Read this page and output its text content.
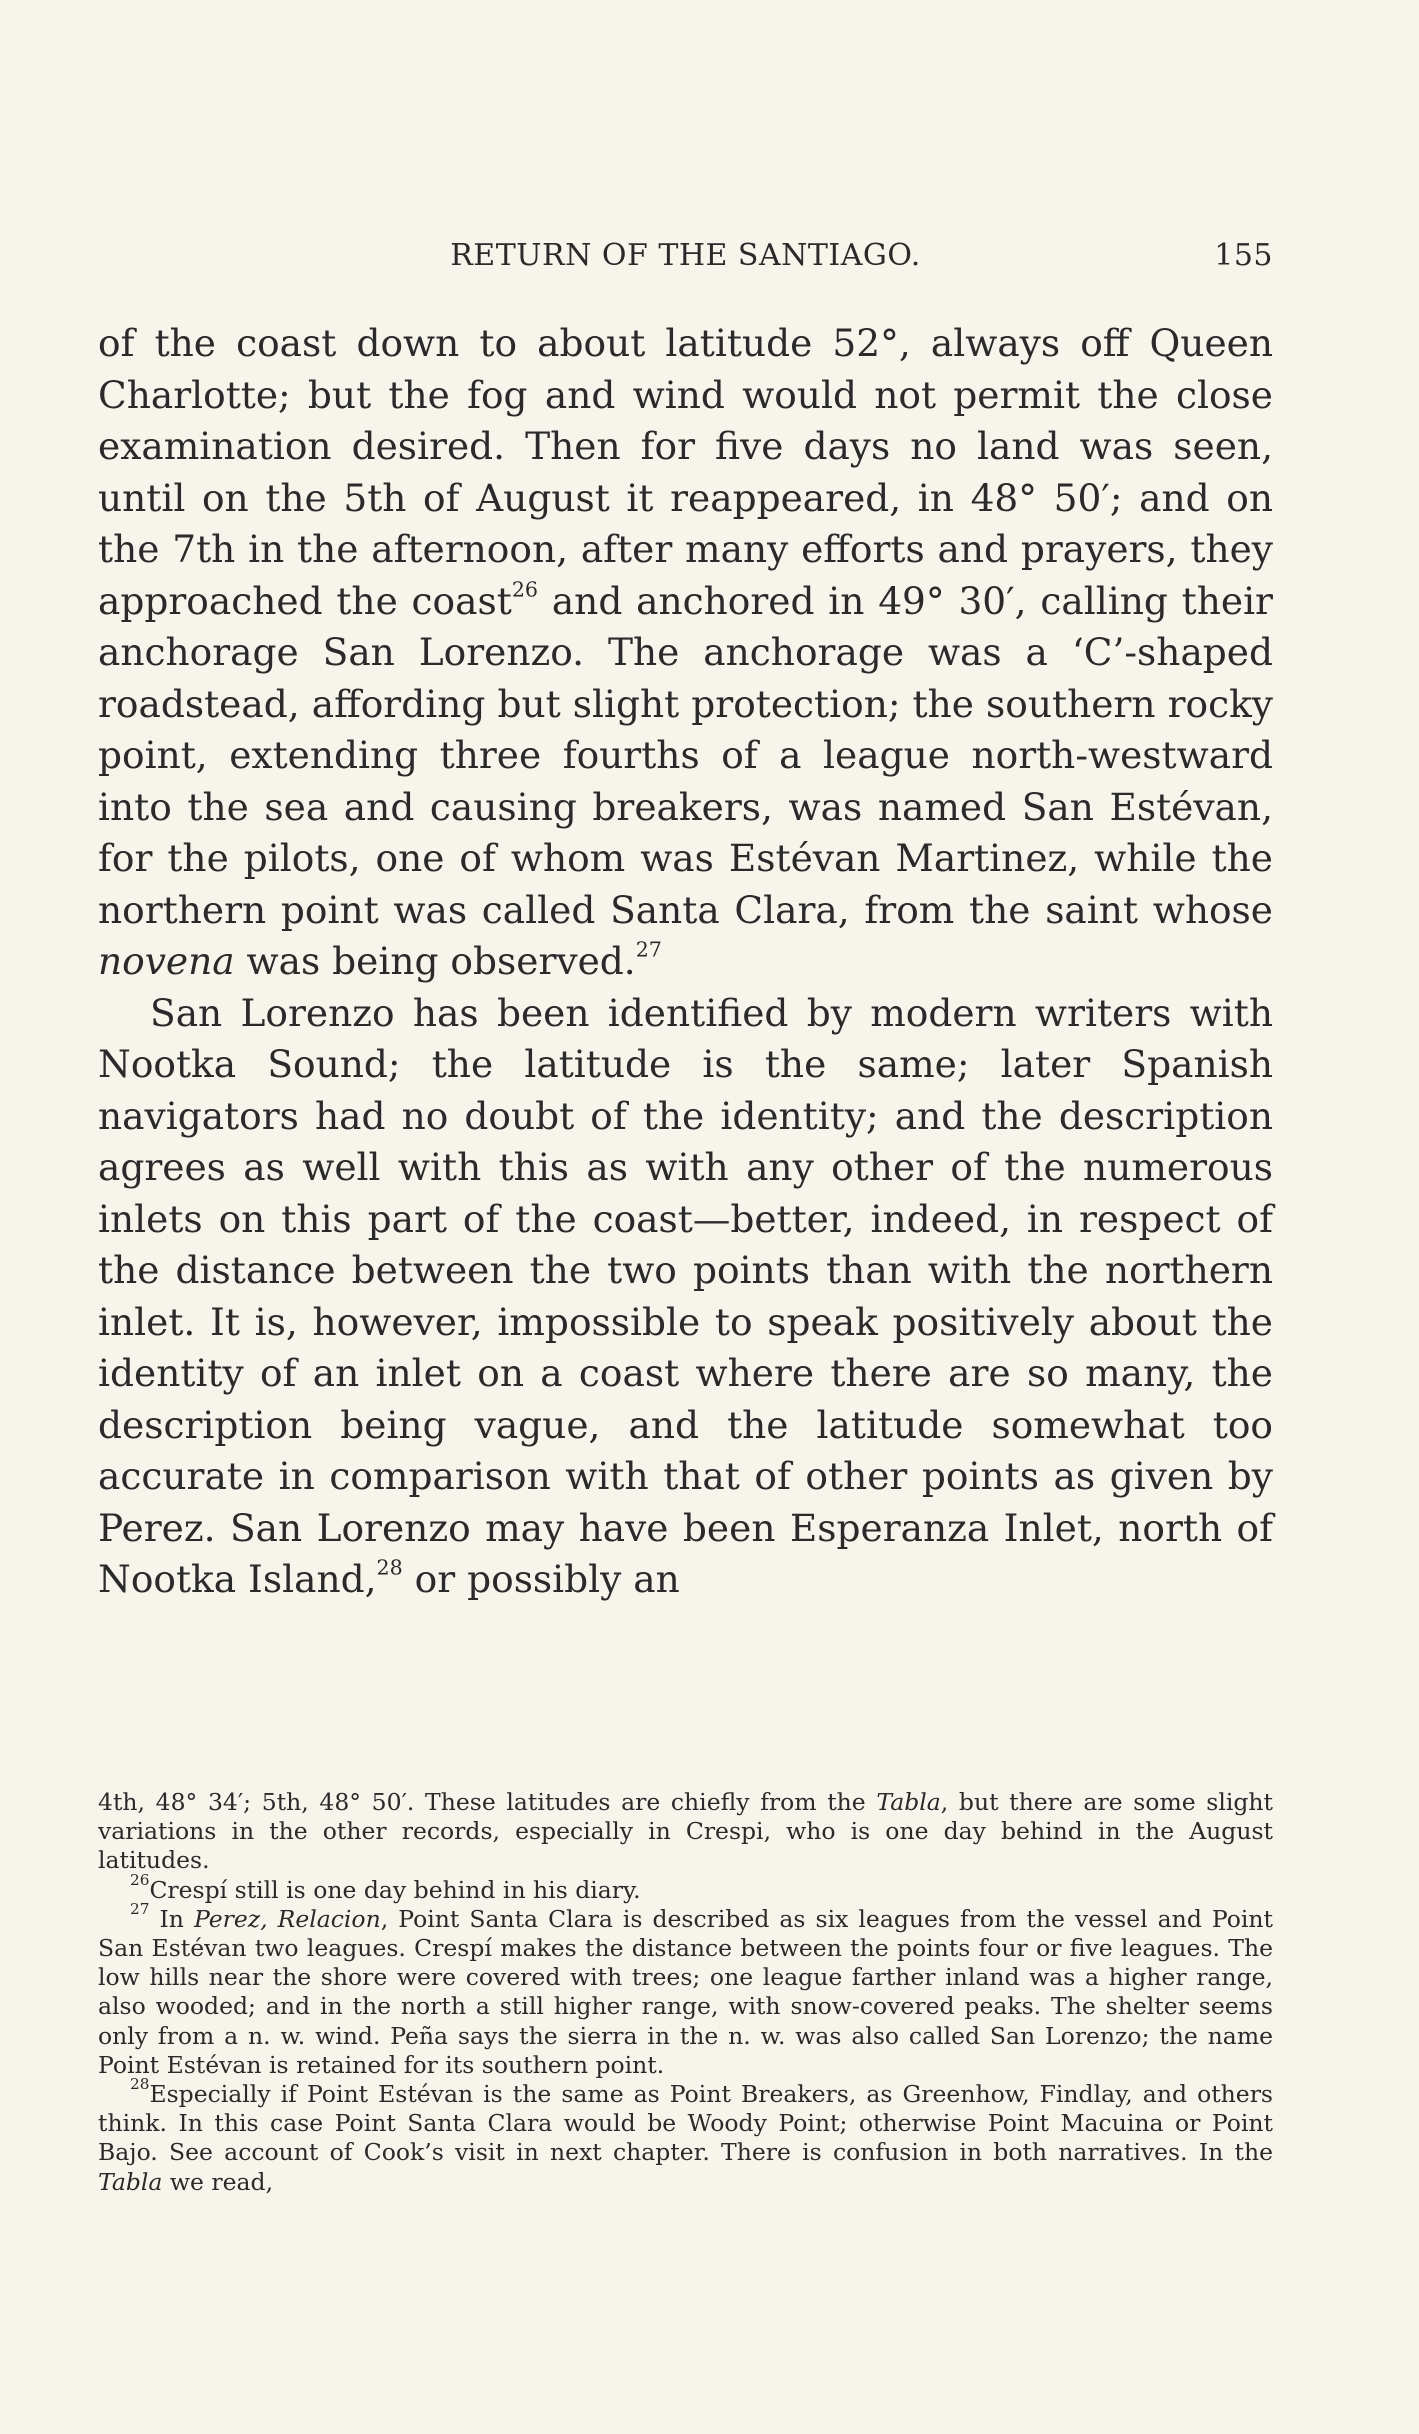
RETURN OF THE SANTIAGO.	155

of the coast down to about latitude 52°, always off Queen Charlotte; but the fog and wind would not permit the close examination desired. Then for five days no land was seen, until on the 5th of August it reappeared, in 48° 50′; and on the 7th in the afternoon, after many efforts and prayers, they approached the coast$^{26}$ and anchored in 49° 30′, calling their anchorage San Lorenzo. The anchorage was a ‘C’-shaped roadstead, affording but slight protection; the southern rocky point, extending three fourths of a league north-westward into the sea and causing breakers, was named San Estévan, for the pilots, one of whom was Estévan Martinez, while the northern point was called Santa Clara, from the saint whose novena was being observed.$^{27}$

San Lorenzo has been identified by modern writers with Nootka Sound; the latitude is the same; later Spanish navigators had no doubt of the identity; and the description agrees as well with this as with any other of the numerous inlets on this part of the coast—better, indeed, in respect of the distance between the two points than with the northern inlet. It is, however, impossible to speak positively about the identity of an inlet on a coast where there are so many, the description being vague, and the latitude somewhat too accurate in comparison with that of other points as given by Perez. San Lorenzo may have been Esperanza Inlet, north of Nootka Island,$^{28}$ or possibly an

4th, 48° 34′; 5th, 48° 50′. These latitudes are chiefly from the Tabla, but there are some slight variations in the other records, especially in Crespi, who is one day behind in the August latitudes.

$^{26}$Crespí still is one day behind in his diary.

$^{27}$ In Perez, Relacion, Point Santa Clara is described as six leagues from the vessel and Point San Estévan two leagues. Crespí makes the distance between the points four or five leagues. The low hills near the shore were covered with trees; one league farther inland was a higher range, also wooded; and in the north a still higher range, with snow-covered peaks. The shelter seems only from a n. w. wind. Peña says the sierra in the n. w. was also called San Lorenzo; the name Point Estévan is retained for its southern point.

$^{28}$Especially if Point Estévan is the same as Point Breakers, as Greenhow, Findlay, and others think. In this case Point Santa Clara would be Woody Point; otherwise Point Macuina or Point Bajo. See account of Cook’s visit in next chapter. There is confusion in both narratives. In the Tabla we read,
